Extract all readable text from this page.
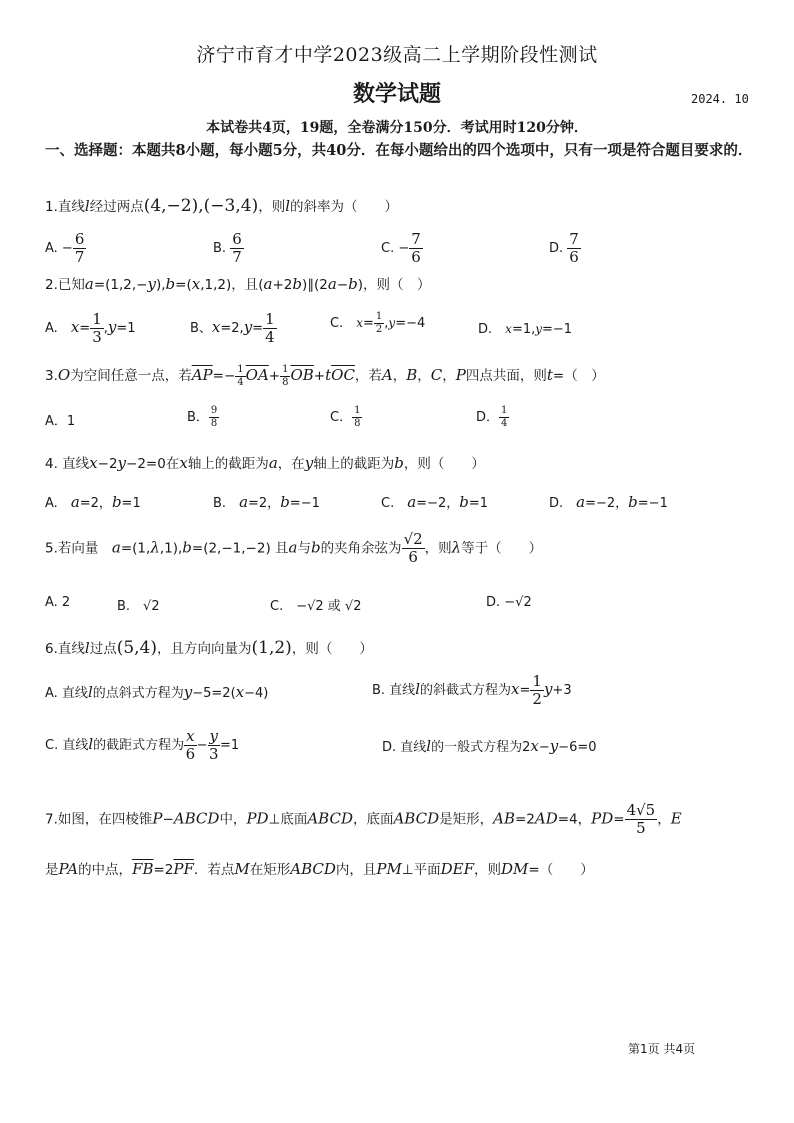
济宁市育才中学2023级高二上学期阶段性测试
数学试题	2024. 10
本试卷共4页，19题，全卷满分150分．考试用时120分钟．
一、选择题：本题共8小题，每小题5分，共40分．在每小题给出的四个选项中，只有一项是符合题目要求的．
1.直线l经过两点(4,−2),(−3,4)，则l的斜率为（　　）
A. − $\frac{6}{7}$	B. $\frac{6}{7}$	C. − $\frac{7}{6}$	D. $\frac{7}{6}$
2.已知a=(1,2,−y),b=(x,1,2)，且(a+2b)∥(2a−b)，则（　）
A.　$x= \frac{1}{3} ,y=1$	B、$x=2,y= \frac{1}{4}$	C.　$x= \frac{1}{2} ,y=-4$	D.　x=1,y=−1
3.O为空间任意一点，若$\overline{AP}=- \frac{1}{4} \overline{OA}+ \frac{1}{8} \overline{OB}+t\overline{OC}$，若A，B，C，P四点共面，则t=（　）
A．1	B． $\frac{9}{8}$	C． $\frac{1}{8}$	D． $\frac{1}{4}$
4. 直线x−2y−2=0在x轴上的截距为a，在y轴上的截距为b，则（　　）
A.　a=2，b=1	B.　a=2，b=−1	C.　a=−2，b=1	D.　a=−2，b=−1
5.若向量　a=(1,λ,1),b=(2,−1,−2) 且a与b的夹角余弦为 $\frac{√2}{6}$ ，则λ等于（　　）
A. 2	B.　√2	C.　−√2 或 √2	D. −√2
6.直线l过点(5,4)，且方向向量为(1,2)，则（　　）
A. 直线l的点斜式方程为y−5=2(x−4)	B. 直线l的斜截式方程为$x= \frac{1}{2} y+3$
C. 直线l的截距式方程为 $\frac{x}{6} - \frac{y}{3} =1$	D. 直线l的一般式方程为2x−y−6=0
7.如图，在四棱锥P−ABCD中，PD⊥底面ABCD，底面ABCD是矩形，AB=2AD=4，$PD= \frac{4√5}{5}$ ，E
是PA的中点，$\overline{FB}=2\overline{PF}$．若点M在矩形ABCD内，且PM⊥平面DEF，则DM=（　　）
第1页 共4页
